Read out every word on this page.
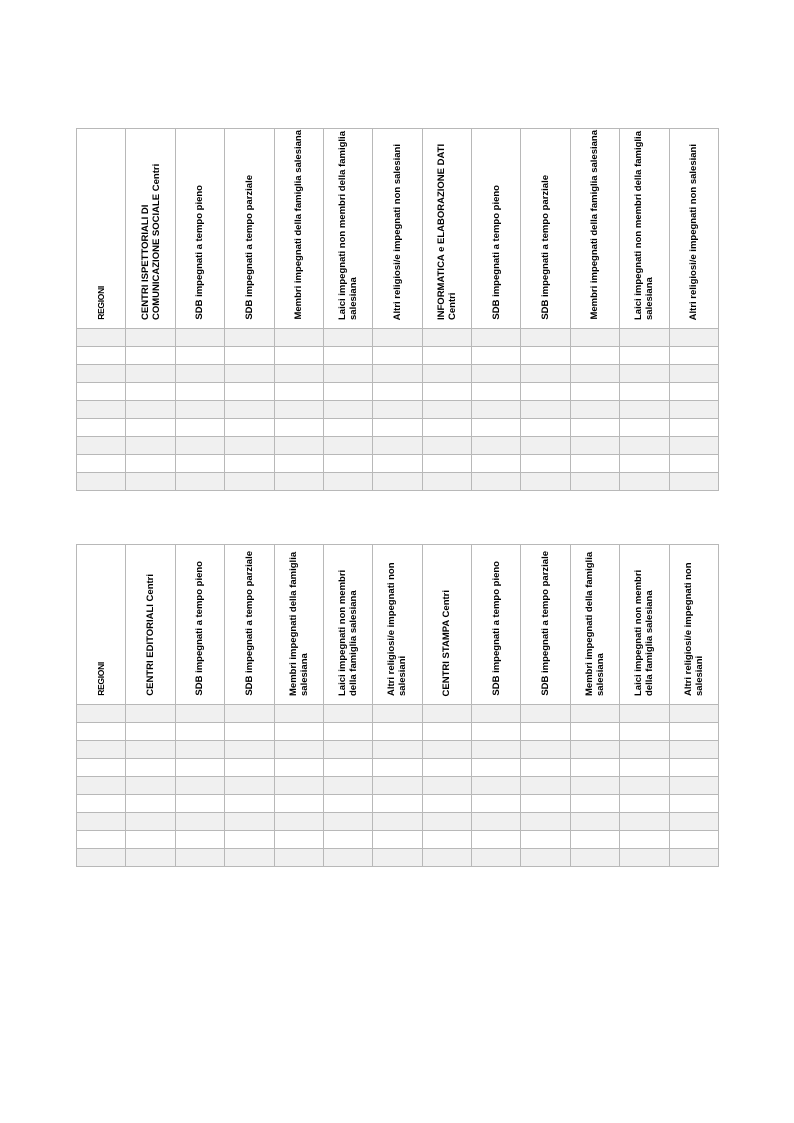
REGIONI	CENTRI ISPETTORIALI DI COMUNICAZIONE SOCIALE Centri	SDB impegnati a tempo pieno	SDB impegnati a tempo parziale	Membri impegnati della famiglia salesiana	Laici impegnati non membri della famiglia salesiana	Altri religiosi/e impegnati non salesiani	INFORMATICA e ELABORAZIONE DATI Centri	SDB impegnati a tempo pieno	SDB impegnati a tempo parziale	Membri impegnati della famiglia salesiana	Laici impegnati non membri della famiglia salesiana	Altri religiosi/e impegnati non salesiani

REGIONI	CENTRI EDITORIALI Centri	SDB impegnati a tempo pieno	SDB impegnati a tempo parziale	Membri impegnati della famiglia salesiana	Laici impegnati non membri della famiglia salesiana	Altri religiosi/e impegnati non salesiani	CENTRI STAMPA Centri	SDB impegnati a tempo pieno	SDB impegnati a tempo parziale	Membri impegnati della famiglia salesiana	Laici impegnati non membri della famiglia salesiana	Altri religiosi/e impegnati non salesiani
